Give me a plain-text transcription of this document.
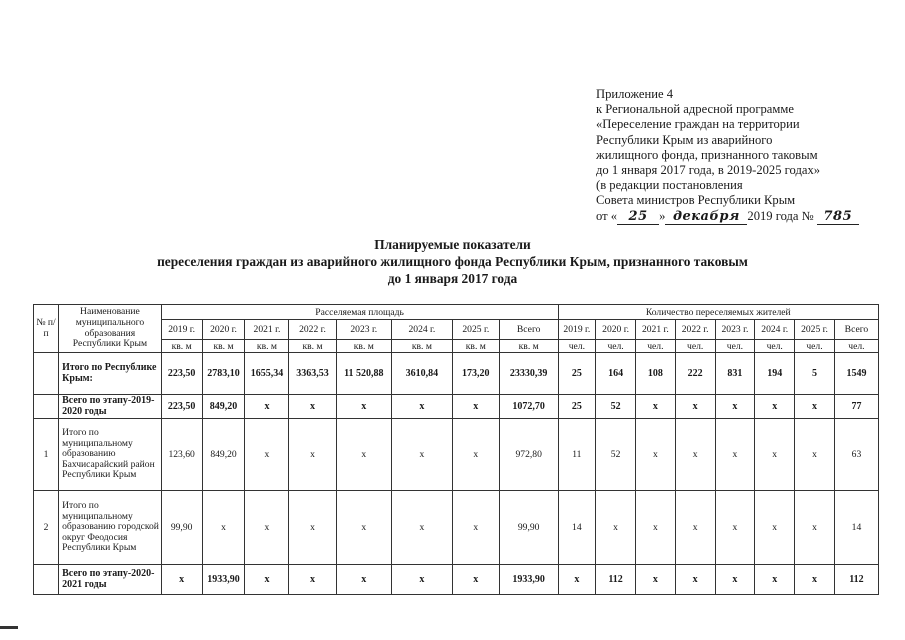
Приложение 4
к Региональной адресной программе
«Переселение граждан на территории
Республики Крым из аварийного
жилищного фонда, признанного таковым
до 1 января 2017 года, в 2019-2025 годах»
(в редакции постановления
Совета министров Республики Крым
от « 25 » декабря 2019 года № 785
Планируемые показатели
переселения граждан из аварийного жилищного фонда Республики Крым, признанного таковым
до 1 января 2017 года
№ п/п	Наименование муниципального образования Республики Крым	Расселяемая площадь								Количество переселяемых жителей							
		2019 г.	2020 г.	2021 г.	2022 г.	2023 г.	2024 г.	2025 г.	Всего	2019 г.	2020 г.	2021 г.	2022 г.	2023 г.	2024 г.	2025 г.	Всего
		кв. м	кв. м	кв. м	кв. м	кв. м	кв. м	кв. м	кв. м	чел.	чел.	чел.	чел.	чел.	чел.	чел.	чел.
	Итого по Республике Крым:	223,50	2783,10	1655,34	3363,53	11 520,88	3610,84	173,20	23330,39	25	164	108	222	831	194	5	1549
	Всего по этапу-2019-2020 годы	223,50	849,20	х	х	х	х	х	1072,70	25	52	х	х	х	х	х	77
1	Итого по муниципальному образованию Бахчисарайский район Республики Крым	123,60	849,20	х	х	х	х	х	972,80	11	52	х	х	х	х	х	63
2	Итого по муниципальному образованию городской округ Феодосия Республики Крым	99,90	х	х	х	х	х	х	99,90	14	х	х	х	х	х	х	14
	Всего по этапу-2020-2021 годы	х	1933,90	х	х	х	х	х	1933,90	х	112	х	х	х	х	х	112
